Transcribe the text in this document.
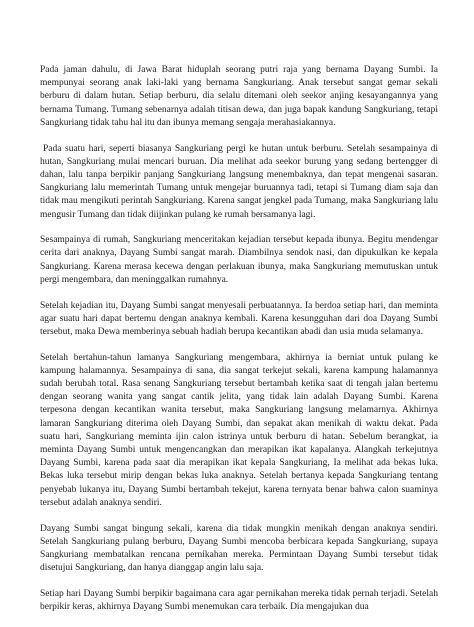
Pada jaman dahulu, di Jawa Barat hiduplah seorang putri raja yang bernama Dayang Sumbi. Ia mempunyai seorang anak laki-laki yang bernama Sangkuriang. Anak tersebut sangat gemar sekali berburu di dalam hutan. Setiap berburu, dia selalu ditemani oleh seekor anjing kesayangannya yang bernama Tumang. Tumang sebenarnya adalah titisan dewa, dan juga bapak kandung Sangkuriang, tetapi Sangkuriang tidak tahu hal itu dan ibunya memang sengaja merahasiakannya.

Pada suatu hari, seperti biasanya Sangkuriang pergi ke hutan untuk berburu. Setelah sesampainya di hutan, Sangkuriang mulai mencari buruan. Dia melihat ada seekor burung yang sedang bertengger di dahan, lalu tanpa berpikir panjang Sangkuriang langsung menembaknya, dan tepat mengenai sasaran. Sangkuriang lalu memerintah Tumang untuk mengejar buruannya tadi, tetapi si Tumang diam saja dan tidak mau mengikuti perintah Sangkuriang. Karena sangat jengkel pada Tumang, maka Sangkuriang lalu mengusir Tumang dan tidak diijinkan pulang ke rumah bersamanya lagi.

Sesampainya di rumah, Sangkuriang menceritakan kejadian tersebut kepada ibunya. Begitu mendengar cerita dari anaknya, Dayang Sumbi sangat marah. Diambilnya sendok nasi, dan dipukulkan ke kepala Sangkuriang. Karena merasa kecewa dengan perlakuan ibunya, maka Sangkuriang memutuskan untuk pergi mengembara, dan meninggalkan rumahnya.

Setelah kejadian itu, Dayang Sumbi sangat menyesali perbuatannya. Ia berdoa setiap hari, dan meminta agar suatu hari dapat bertemu dengan anaknya kembali. Karena kesungguhan dari doa Dayang Sumbi tersebut, maka Dewa memberinya sebuah hadiah berupa kecantikan abadi dan usia muda selamanya.

Setelah bertahun-tahun lamanya Sangkuriang mengembara, akhirnya ia berniat untuk pulang ke kampung halamannya. Sesampainya di sana, dia sangat terkejut sekali, karena kampung halamannya sudah berubah total. Rasa senang Sangkuriang tersebut bertambah ketika saat di tengah jalan bertemu dengan seorang wanita yang sangat cantik jelita, yang tidak lain adalah Dayang Sumbi. Karena terpesona dengan kecantikan wanita tersebut, maka Sangkuriang langsung melamarnya. Akhirnya lamaran Sangkuriang diterima oleh Dayang Sumbi, dan sepakat akan menikah di waktu dekat. Pada suatu hari, Sangkuriang meminta ijin calon istrinya untuk berburu di hatan. Sebelum berangkat, ia meminta Dayang Sumbi untuk mengencangkan dan merapikan ikat kapalanya. Alangkah terkejutnya Dayang Sumbi, karena pada saat dia merapikan ikat kepala Sangkuriang, Ia melihat ada bekas luka. Bekas luka tersebut mirip dengan bekas luka anaknya. Setelah bertanya kepada Sangkuriang tentang penyebab lukanya itu, Dayang Sumbi bertambah tekejut, karena ternyata benar bahwa calon suaminya tersebut adalah anaknya sendiri.

Dayang Sumbi sangat bingung sekali, karena dia tidak mungkin menikah dengan anaknya sendiri. Setelah Sangkuriang pulang berburu, Dayang Sumbi mencoba berbicara kepada Sangkuriang, supaya Sangkuriang membatalkan rencana pernikahan mereka. Permintaan Dayang Sumbi tersebut tidak disetujui Sangkuriang, dan hanya dianggap angin lalu saja.

Setiap hari Dayang Sumbi berpikir bagaimana cara agar pernikahan mereka tidak pernah terjadi. Setelah berpikir keras, akhirnya Dayang Sumbi menemukan cara terbaik. Dia mengajukan dua
